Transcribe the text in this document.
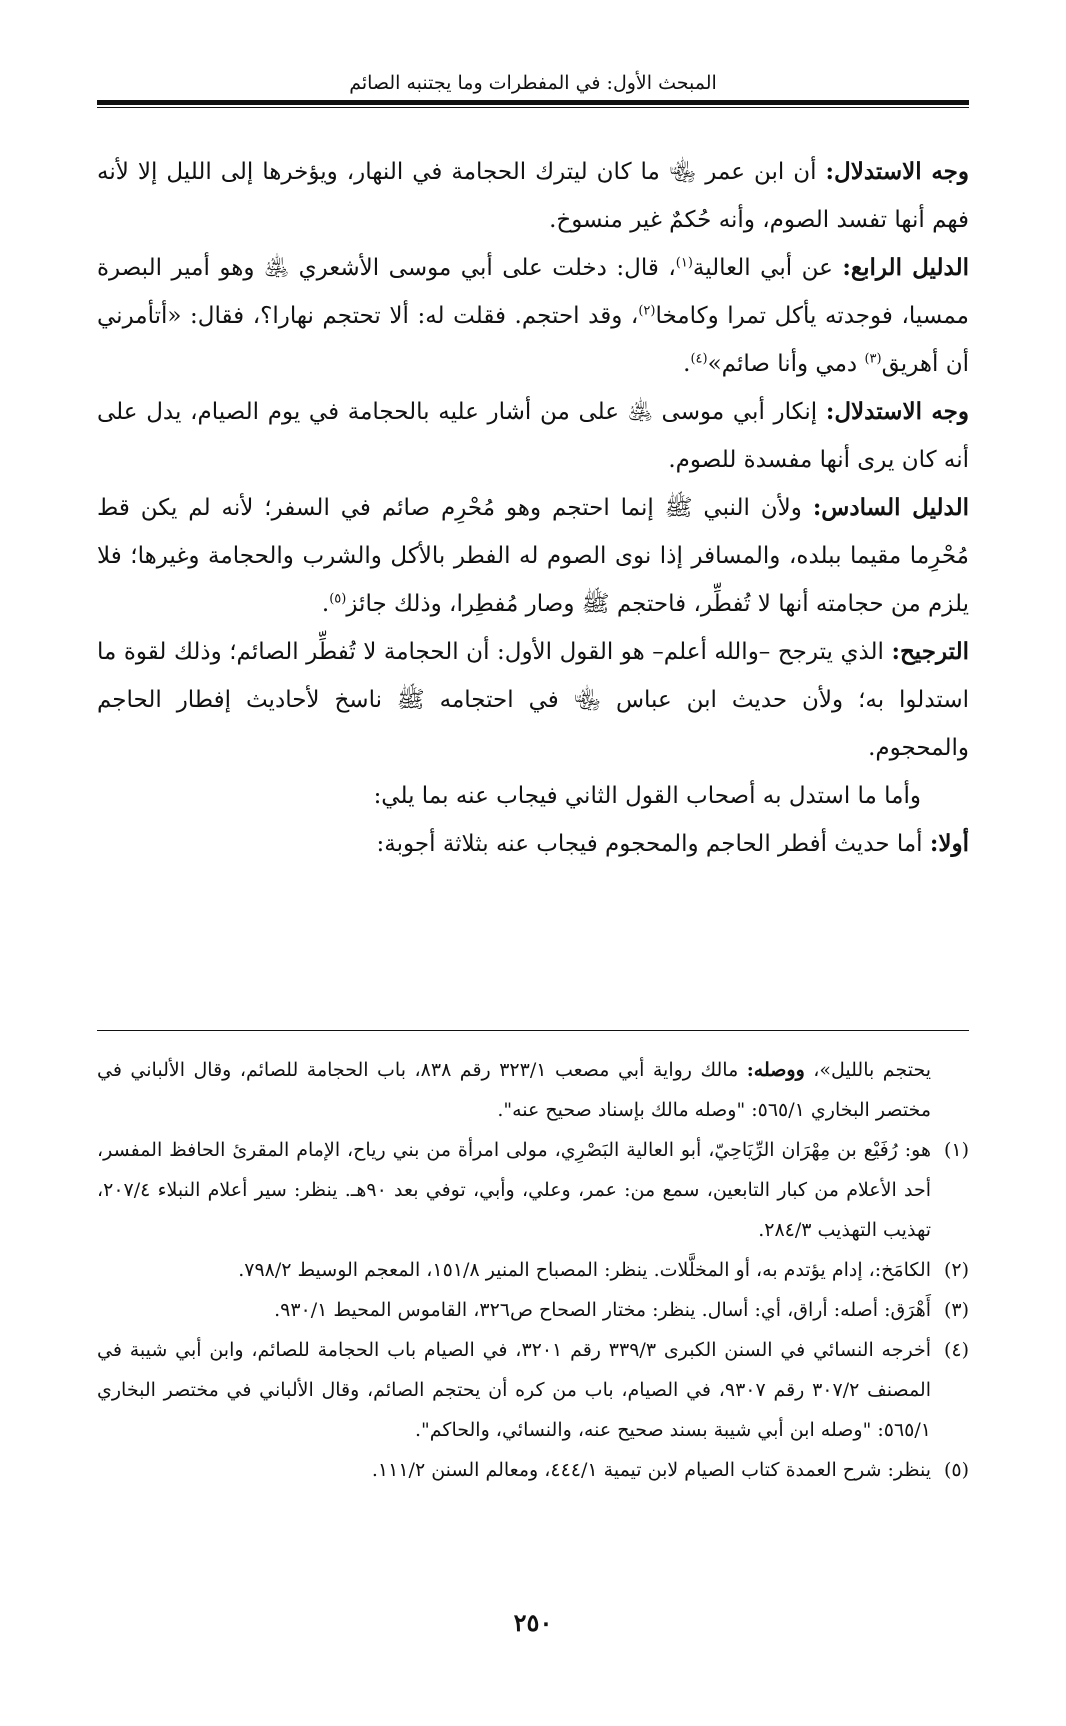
المبحث الأول: في المفطرات وما يجتنبه الصائم

وجه الاستدلال: أن ابن عمر ﵄ ما كان ليترك الحجامة في النهار، ويؤخرها إلى الليل إلا لأنه فهم أنها تفسد الصوم، وأنه حُكمٌ غير منسوخ.

الدليل الرابع: عن أبي العالية$^{(١)}$، قال: دخلت على أبي موسى الأشعري ﵁ وهو أمير البصرة ممسيا، فوجدته يأكل تمرا وكامخا$^{(٢)}$، وقد احتجم. فقلت له: ألا تحتجم نهارا؟، فقال: «أتأمرني أن أهريق$^{(٣)}$ دمي وأنا صائم»$^{(٤)}$.

وجه الاستدلال: إنكار أبي موسى ﵁ على من أشار عليه بالحجامة في يوم الصيام، يدل على أنه كان يرى أنها مفسدة للصوم.

الدليل السادس: ولأن النبي ﷺ إنما احتجم وهو مُحْرِم صائم في السفر؛ لأنه لم يكن قط مُحْرِما مقيما ببلده، والمسافر إذا نوى الصوم له الفطر بالأكل والشرب والحجامة وغيرها؛ فلا يلزم من حجامته أنها لا تُفطِّر، فاحتجم ﷺ وصار مُفطِرا، وذلك جائز$^{(٥)}$.

الترجيح: الذي يترجح –والله أعلم– هو القول الأول: أن الحجامة لا تُفطِّر الصائم؛ وذلك لقوة ما استدلوا به؛ ولأن حديث ابن عباس ﵄ في احتجامه ﷺ ناسخ لأحاديث إفطار الحاجم والمحجوم.

وأما ما استدل به أصحاب القول الثاني فيجاب عنه بما يلي:

أولا: أما حديث أفطر الحاجم والمحجوم فيجاب عنه بثلاثة أجوبة:

يحتجم بالليل»، ووصله: مالك رواية أبي مصعب ٣٢٣/١ رقم ٨٣٨، باب الحجامة للصائم، وقال الألباني في مختصر البخاري ٥٦٥/١: "وصله مالك بإسناد صحيح عنه".

(١)
هو: رُفَيْع بن مِهْرَان الرِّيَاحِيّ، أبو العالية البَصْرِي، مولى امرأة من بني رياح، الإمام المقرئ الحافظ المفسر، أحد الأعلام من كبار التابعين، سمع من: عمر، وعلي، وأبي، توفي بعد ٩٠هـ. ينظر: سير أعلام النبلاء ٢٠٧/٤، تهذيب التهذيب ٢٨٤/٣.
(٢)
الكامَخ:، إدام يؤتدم به، أو المخلَّلات. ينظر: المصباح المنير ١٥١/٨، المعجم الوسيط ٧٩٨/٢.
(٣)
أَهْرَق: أصله: أراق، أي: أسال. ينظر: مختار الصحاح ص٣٢٦، القاموس المحيط ٩٣٠/١.
(٤)
أخرجه النسائي في السنن الكبرى ٣٣٩/٣ رقم ٣٢٠١، في الصيام باب الحجامة للصائم، وابن أبي شيبة في المصنف ٣٠٧/٢ رقم ٩٣٠٧، في الصيام، باب من كره أن يحتجم الصائم، وقال الألباني في مختصر البخاري ٥٦٥/١: "وصله ابن أبي شيبة بسند صحيح عنه، والنسائي، والحاكم".
(٥)
ينظر: شرح العمدة كتاب الصيام لابن تيمية ٤٤٤/١، ومعالم السنن ١١١/٢.
٢٥٠
